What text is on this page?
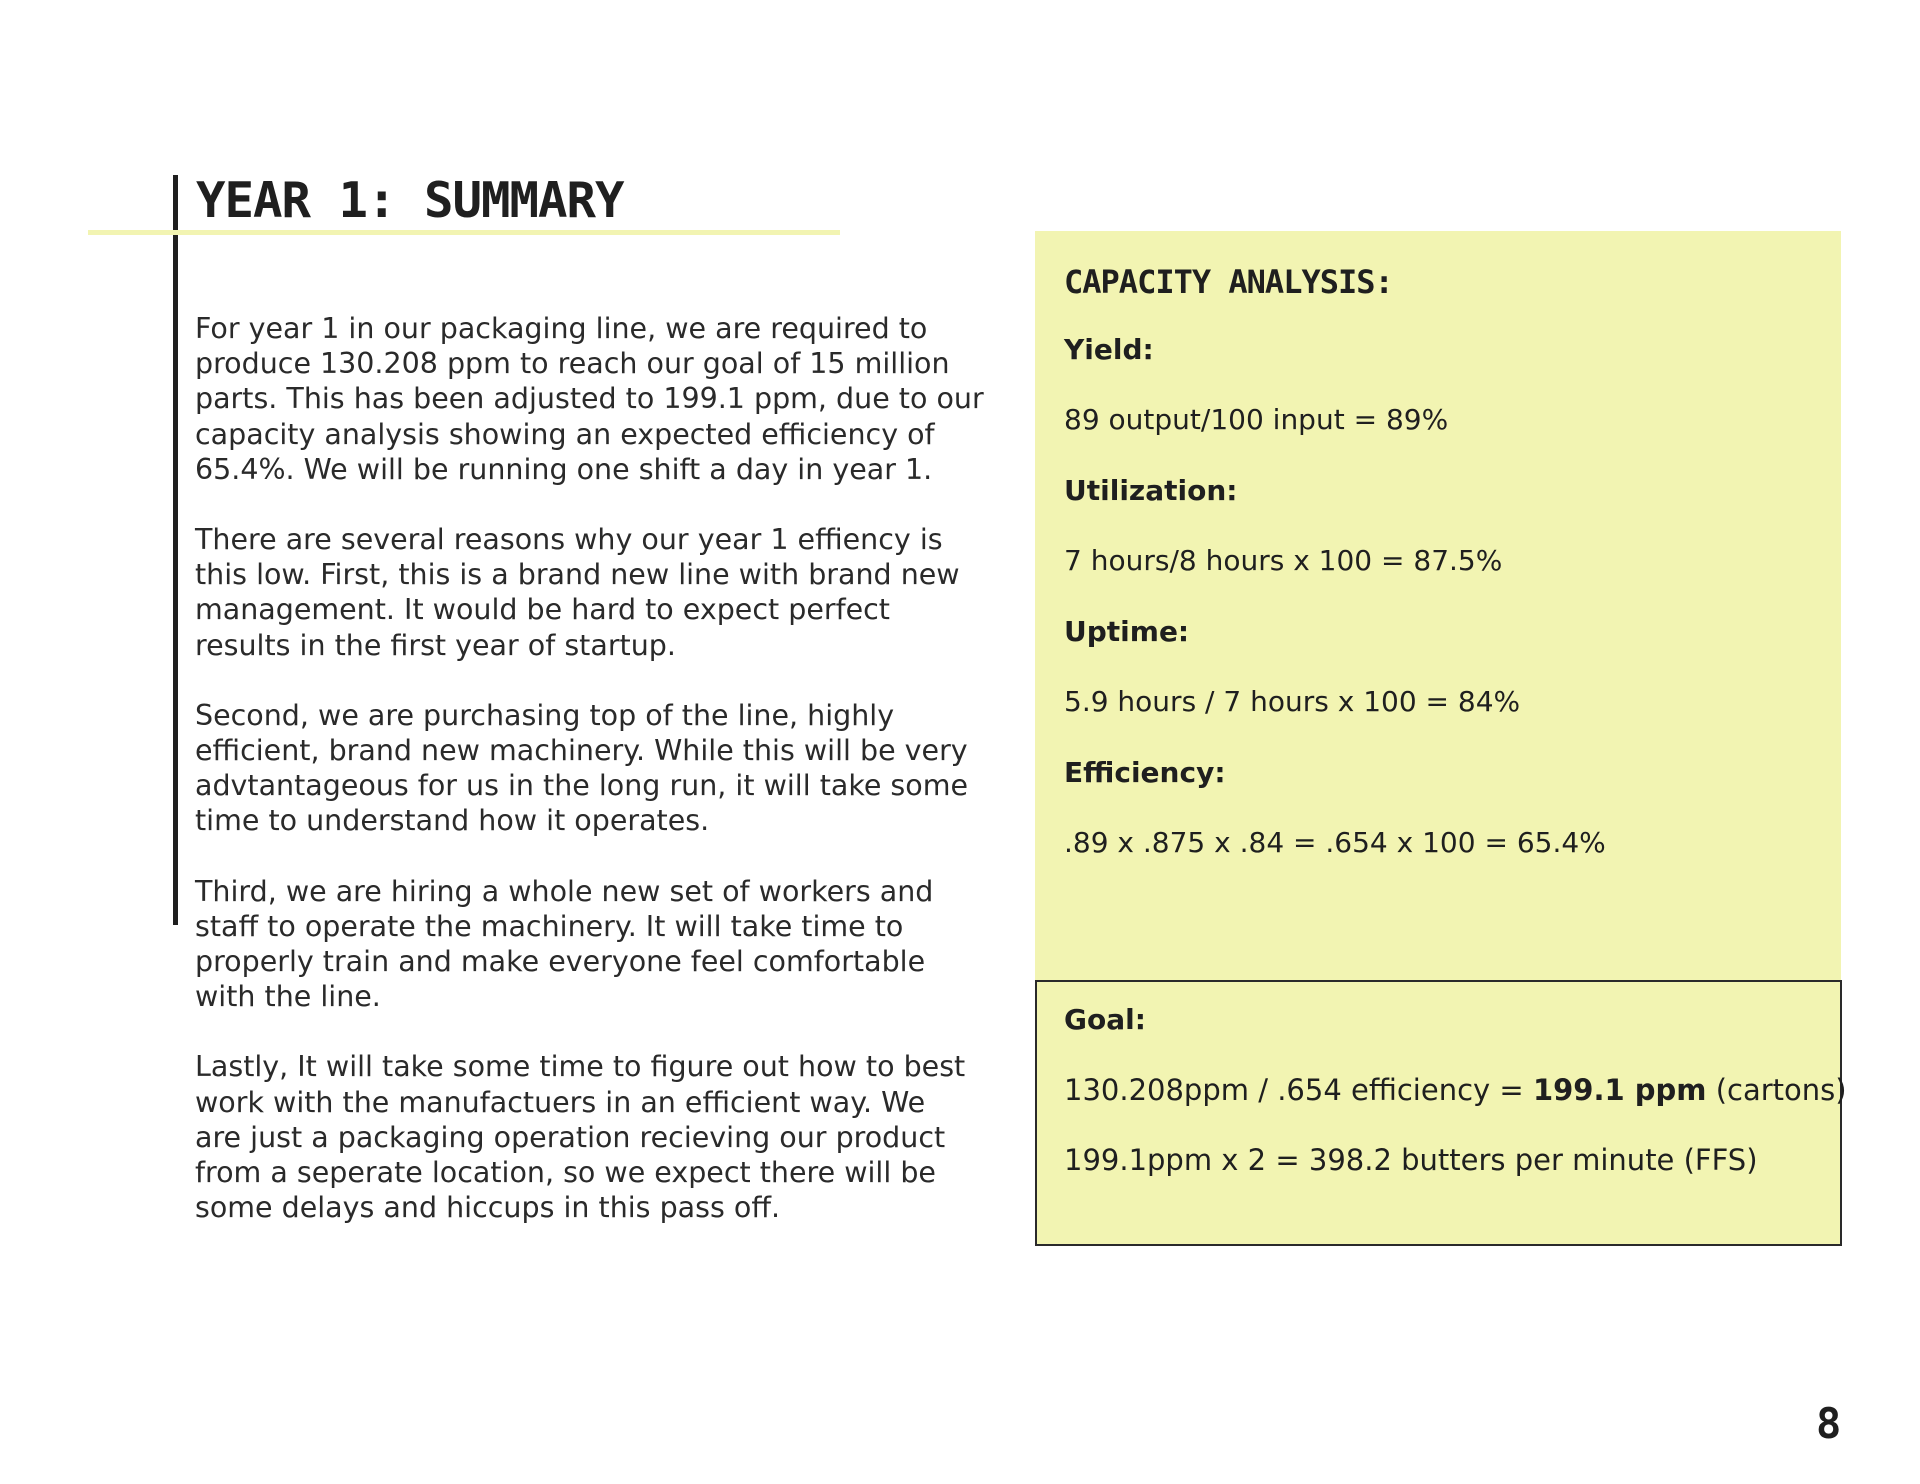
YEAR 1: SUMMARY

For year 1 in our packaging line, we are required to
produce 130.208 ppm to reach our goal of 15 million
parts. This has been adjusted to 199.1 ppm, due to our
capacity analysis showing an expected efficiency of
65.4%. We will be running one shift a day in year 1.

There are several reasons why our year 1 effiency is
this low. First, this is a brand new line with brand new
management. It would be hard to expect perfect
results in the first year of startup.

Second, we are purchasing top of the line, highly
efficient, brand new machinery. While this will be very
advtantageous for us in the long run, it will take some
time to understand how it operates.

Third, we are hiring a whole new set of workers and
staff to operate the machinery. It will take time to
properly train and make everyone feel comfortable
with the line.

Lastly, It will take some time to figure out how to best
work with the manufactuers in an efficient way. We
are just a packaging operation recieving our product
from a seperate location, so we expect there will be
some delays and hiccups in this pass off.

CAPACITY ANALYSIS:
Yield:
89 output/100 input = 89%
Utilization:
7 hours/8 hours x 100 = 87.5%
Uptime:
5.9 hours / 7 hours x 100 = 84%
Efficiency:
.89 x .875 x .84 = .654 x 100 = 65.4%
Goal:
130.208ppm / .654 efficiency = 199.1 ppm (cartons)
199.1ppm x 2 = 398.2 butters per minute (FFS)
8
